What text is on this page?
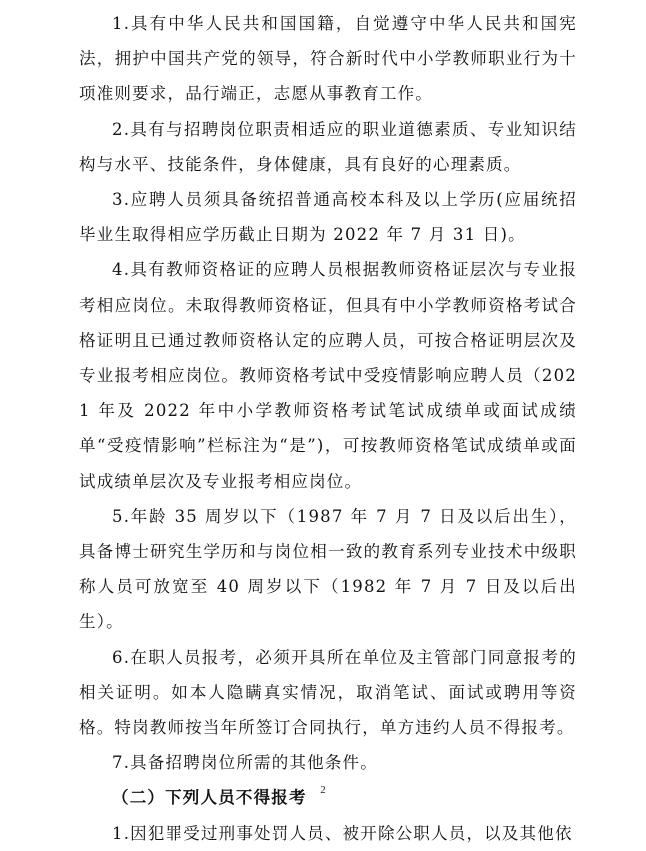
1.具有中华人民共和国国籍，自觉遵守中华人民共和国宪法，拥护中国共产党的领导，符合新时代中小学教师职业行为十项准则要求，品行端正，志愿从事教育工作。

2.具有与招聘岗位职责相适应的职业道德素质、专业知识结构与水平、技能条件，身体健康，具有良好的心理素质。

3.应聘人员须具备统招普通高校本科及以上学历(应届统招毕业生取得相应学历截止日期为 2022 年 7 月 31 日)。

4.具有教师资格证的应聘人员根据教师资格证层次与专业报考相应岗位。未取得教师资格证，但具有中小学教师资格考试合格证明且已通过教师资格认定的应聘人员，可按合格证明层次及专业报考相应岗位。教师资格考试中受疫情影响应聘人员（2021 年及 2022 年中小学教师资格考试笔试成绩单或面试成绩单“受疫情影响”栏标注为“是”)，可按教师资格笔试成绩单或面试成绩单层次及专业报考相应岗位。

5.年龄 35 周岁以下（1987 年 7 月 7 日及以后出生），具备博士研究生学历和与岗位相一致的教育系列专业技术中级职称人员可放宽至 40 周岁以下（1982 年 7 月 7 日及以后出生）。

6.在职人员报考，必须开具所在单位及主管部门同意报考的相关证明。如本人隐瞒真实情况，取消笔试、面试或聘用等资格。特岗教师按当年所签订合同执行，单方违约人员不得报考。

7.具备招聘岗位所需的其他条件。

（二）下列人员不得报考

1.因犯罪受过刑事处罚人员、被开除公职人员，以及其他依

2
